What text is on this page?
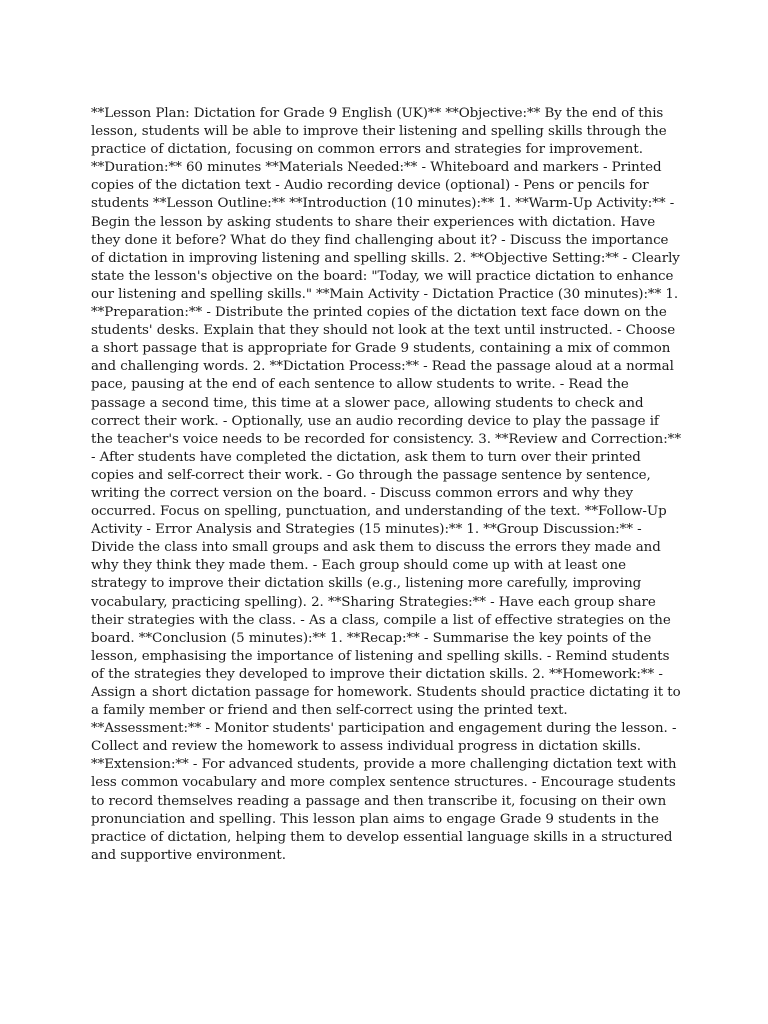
**Lesson Plan: Dictation for Grade 9 English (UK)** **Objective:** By the end of this lesson, students will be able to improve their listening and spelling skills through the practice of dictation, focusing on common errors and strategies for improvement. **Duration:** 60 minutes **Materials Needed:** - Whiteboard and markers - Printed copies of the dictation text - Audio recording device (optional) - Pens or pencils for students **Lesson Outline:** **Introduction (10 minutes):** 1. **Warm-Up Activity:** - Begin the lesson by asking students to share their experiences with dictation. Have they done it before? What do they find challenging about it? - Discuss the importance of dictation in improving listening and spelling skills. 2. **Objective Setting:** - Clearly state the lesson's objective on the board: "Today, we will practice dictation to enhance our listening and spelling skills." **Main Activity - Dictation Practice (30 minutes):** 1. **Preparation:** - Distribute the printed copies of the dictation text face down on the students' desks. Explain that they should not look at the text until instructed. - Choose a short passage that is appropriate for Grade 9 students, containing a mix of common and challenging words. 2. **Dictation Process:** - Read the passage aloud at a normal pace, pausing at the end of each sentence to allow students to write. - Read the passage a second time, this time at a slower pace, allowing students to check and correct their work. - Optionally, use an audio recording device to play the passage if the teacher's voice needs to be recorded for consistency. 3. **Review and Correction:** - After students have completed the dictation, ask them to turn over their printed copies and self-correct their work. - Go through the passage sentence by sentence, writing the correct version on the board. - Discuss common errors and why they occurred. Focus on spelling, punctuation, and understanding of the text. **Follow-Up Activity - Error Analysis and Strategies (15 minutes):** 1. **Group Discussion:** - Divide the class into small groups and ask them to discuss the errors they made and why they think they made them. - Each group should come up with at least one strategy to improve their dictation skills (e.g., listening more carefully, improving vocabulary, practicing spelling). 2. **Sharing Strategies:** - Have each group share their strategies with the class. - As a class, compile a list of effective strategies on the board. **Conclusion (5 minutes):** 1. **Recap:** - Summarise the key points of the lesson, emphasising the importance of listening and spelling skills. - Remind students of the strategies they developed to improve their dictation skills. 2. **Homework:** - Assign a short dictation passage for homework. Students should practice dictating it to a family member or friend and then self-correct using the printed text. **Assessment:** - Monitor students' participation and engagement during the lesson. - Collect and review the homework to assess individual progress in dictation skills. **Extension:** - For advanced students, provide a more challenging dictation text with less common vocabulary and more complex sentence structures. - Encourage students to record themselves reading a passage and then transcribe it, focusing on their own pronunciation and spelling. This lesson plan aims to engage Grade 9 students in the practice of dictation, helping them to develop essential language skills in a structured and supportive environment.
